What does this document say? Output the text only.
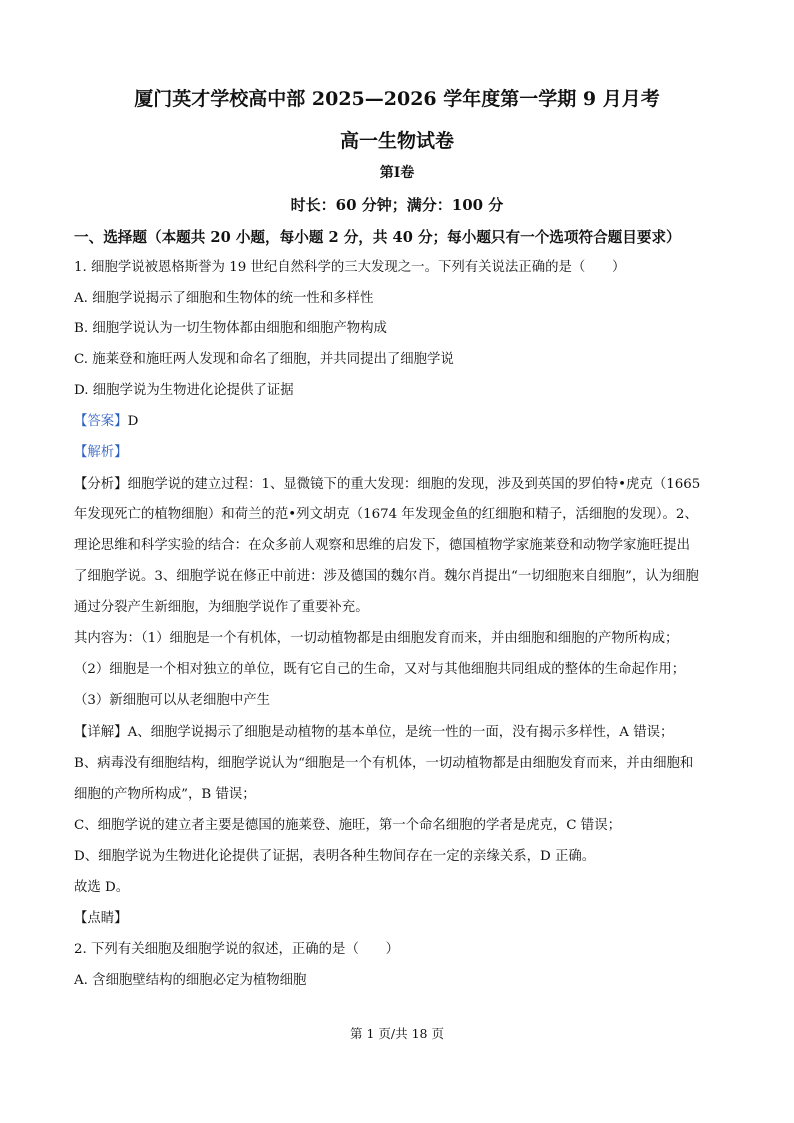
厦门英才学校高中部 2025—2026 学年度第一学期 9 月月考
高一生物试卷
第Ⅰ卷
时长：60 分钟；满分：100 分
一、选择题（本题共 20 小题，每小题 2 分，共 40 分；每小题只有一个选项符合题目要求）
1. 细胞学说被恩格斯誉为 19 世纪自然科学的三大发现之一。下列有关说法正确的是（　　）
A. 细胞学说揭示了细胞和生物体的统一性和多样性
B. 细胞学说认为一切生物体都由细胞和细胞产物构成
C. 施莱登和施旺两人发现和命名了细胞，并共同提出了细胞学说
D. 细胞学说为生物进化论提供了证据
【答案】D
【解析】
【分析】细胞学说的建立过程：1、显微镜下的重大发现：细胞的发现，涉及到英国的罗伯特•虎克（1665
年发现死亡的植物细胞）和荷兰的范•列文胡克（1674 年发现金鱼的红细胞和精子，活细胞的发现）。2、
理论思维和科学实验的结合：在众多前人观察和思维的启发下，德国植物学家施莱登和动物学家施旺提出
了细胞学说。3、细胞学说在修正中前进：涉及德国的魏尔肖。魏尔肖提出“一切细胞来自细胞”，认为细胞
通过分裂产生新细胞，为细胞学说作了重要补充。
其内容为：（1）细胞是一个有机体，一切动植物都是由细胞发育而来，并由细胞和细胞的产物所构成；
（2）细胞是一个相对独立的单位，既有它自己的生命，又对与其他细胞共同组成的整体的生命起作用；
（3）新细胞可以从老细胞中产生
【详解】A、细胞学说揭示了细胞是动植物的基本单位，是统一性的一面，没有揭示多样性，A 错误；
B、病毒没有细胞结构，细胞学说认为“细胞是一个有机体，一切动植物都是由细胞发育而来，并由细胞和
细胞的产物所构成”，B 错误；
C、细胞学说的建立者主要是德国的施莱登、施旺，第一个命名细胞的学者是虎克，C 错误；
D、细胞学说为生物进化论提供了证据，表明各种生物间存在一定的亲缘关系，D 正确。
故选 D。
【点睛】
2. 下列有关细胞及细胞学说的叙述，正确的是（　　）
A. 含细胞壁结构的细胞必定为植物细胞
第 1 页/共 18 页
